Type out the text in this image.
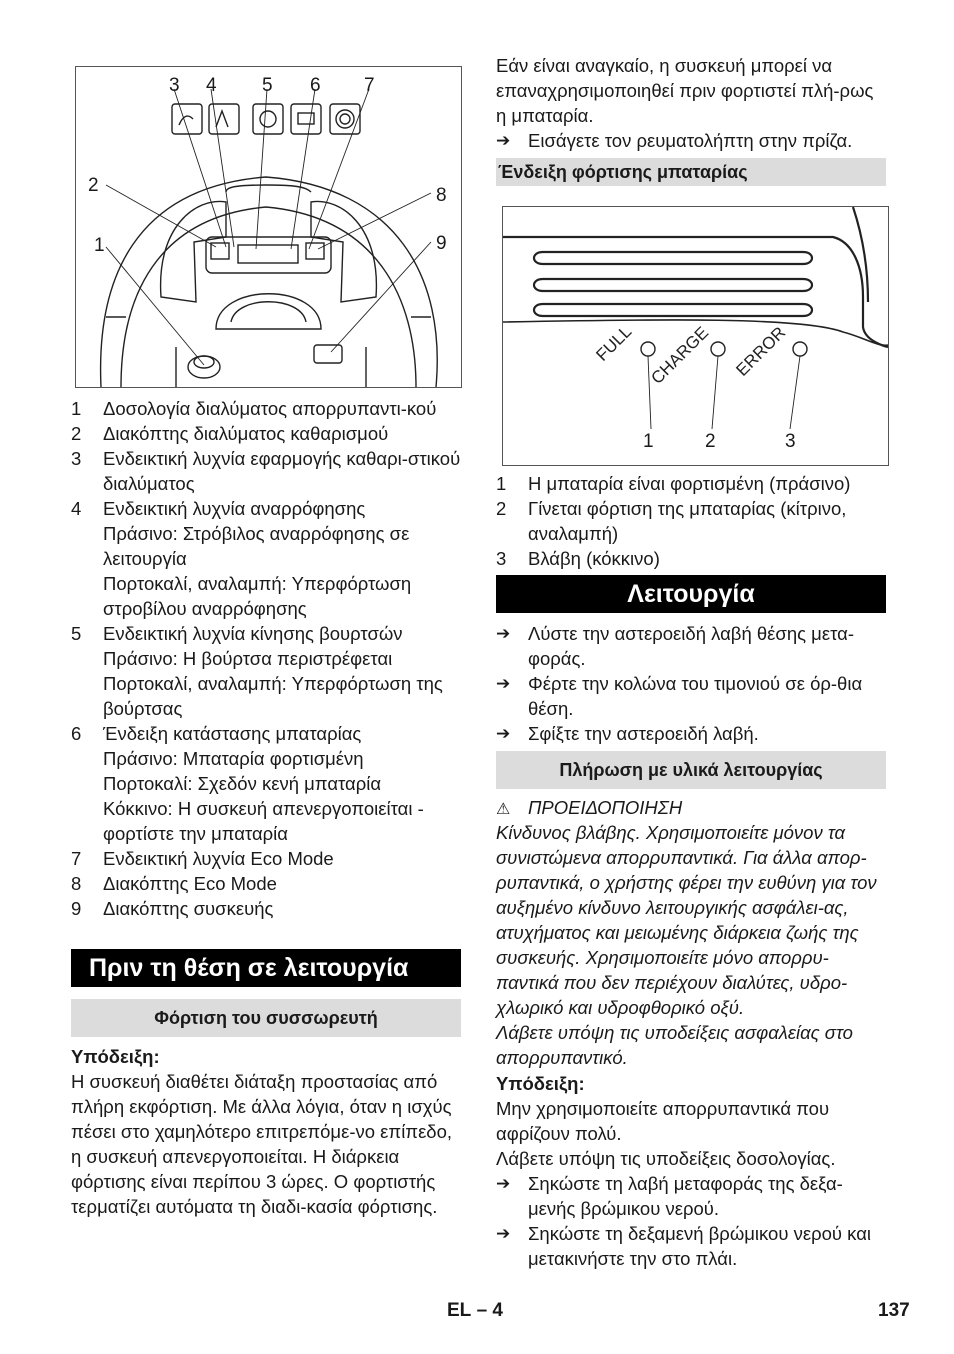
3 4 5 6 7
2	8
1	9
1	Δοσολογία διαλύματος απορρυπαντι-κού
2	Διακόπτης διαλύματος καθαρισμού
3	Ενδεικτική λυχνία εφαρμογής καθαρι-στικού διαλύματος
4	Ενδεικτική λυχνία αναρρόφησης
Πράσινο: Στρόβιλος αναρρόφησης σε λειτουργία
Πορτοκαλί, αναλαμπή: Υπερφόρτωση στροβίλου αναρρόφησης
5	Ενδεικτική λυχνία κίνησης βουρτσών
Πράσινο: Η βούρτσα περιστρέφεται
Πορτοκαλί, αναλαμπή: Υπερφόρτωση της βούρτσας
6	Ένδειξη κατάστασης μπαταρίας
Πράσινο: Μπαταρία φορτισμένη
Πορτοκαλί: Σχεδόν κενή μπαταρία
Κόκκινο: Η συσκευή απενεργοποιείται - φορτίστε την μπαταρία
7	Ενδεικτική λυχνία Eco Mode
8	Διακόπτης Eco Mode
9	Διακόπτης συσκευής
Πριν τη θέση σε λειτουργία
Φόρτιση του συσσωρευτή

Υπόδειξη:

Η συσκευή διαθέτει διάταξη προστασίας από πλήρη εκφόρτιση. Με άλλα λόγια, όταν η ισχύς πέσει στο χαμηλότερο επιτρεπόμε-νο επίπεδο, η συσκευή απενεργοποιείται. Η διάρκεια φόρτισης είναι περίπου 3 ώρες. Ο φορτιστής τερματίζει αυτόματα τη διαδι-κασία φόρτισης.

Εάν είναι αναγκαίο, η συσκευή μπορεί να επαναχρησιμοποιηθεί πριν φορτιστεί πλή-ρως η μπαταρία.

➔ Εισάγετε τον ρευματολήπτη στην πρίζα.
Ένδειξη φόρτισης μπαταρίας
FULL CHARGE ERROR
1	2	3
1	Η μπαταρία είναι φορτισμένη (πράσινο)
2	Γίνεται φόρτιση της μπαταρίας (κίτρινο, αναλαμπή)
3	Βλάβη (κόκκινο)
Λειτουργία
➔ Λύστε την αστεροειδή λαβή θέσης μετα-φοράς.
➔ Φέρτε την κολώνα του τιμονιού σε όρ-θια θέση.
➔ Σφίξτε την αστεροειδή λαβή.
Πλήρωση με υλικά λειτουργίας
⚠ ΠΡΟΕΙΔΟΠΟΙΗΣΗ

Κίνδυνος βλάβης. Χρησιμοποιείτε μόνον τα συνιστώμενα απορρυπαντικά. Για άλλα απορ-ρυπαντικά, ο χρήστης φέρει την ευθύνη για τον αυξημένο κίνδυνο λειτουργικής ασφάλει-ας, ατυχήματος και μειωμένης διάρκεια ζωής της συσκευής. Χρησιμοποιείτε μόνο απορρυ-παντικά που δεν περιέχουν διαλύτες, υδρο-χλωρικό και υδροφθορικό οξύ.

Λάβετε υπόψη τις υποδείξεις ασφαλείας στο απορρυπαντικό.

Υπόδειξη:

Μην χρησιμοποιείτε απορρυπαντικά που αφρίζουν πολύ.

Λάβετε υπόψη τις υποδείξεις δοσολογίας.

➔ Σηκώστε τη λαβή μεταφοράς της δεξα-μενής βρώμικου νερού.
➔ Σηκώστε τη δεξαμενή βρώμικου νερού και μετακινήστε την στο πλάι.
EL – 4	137
